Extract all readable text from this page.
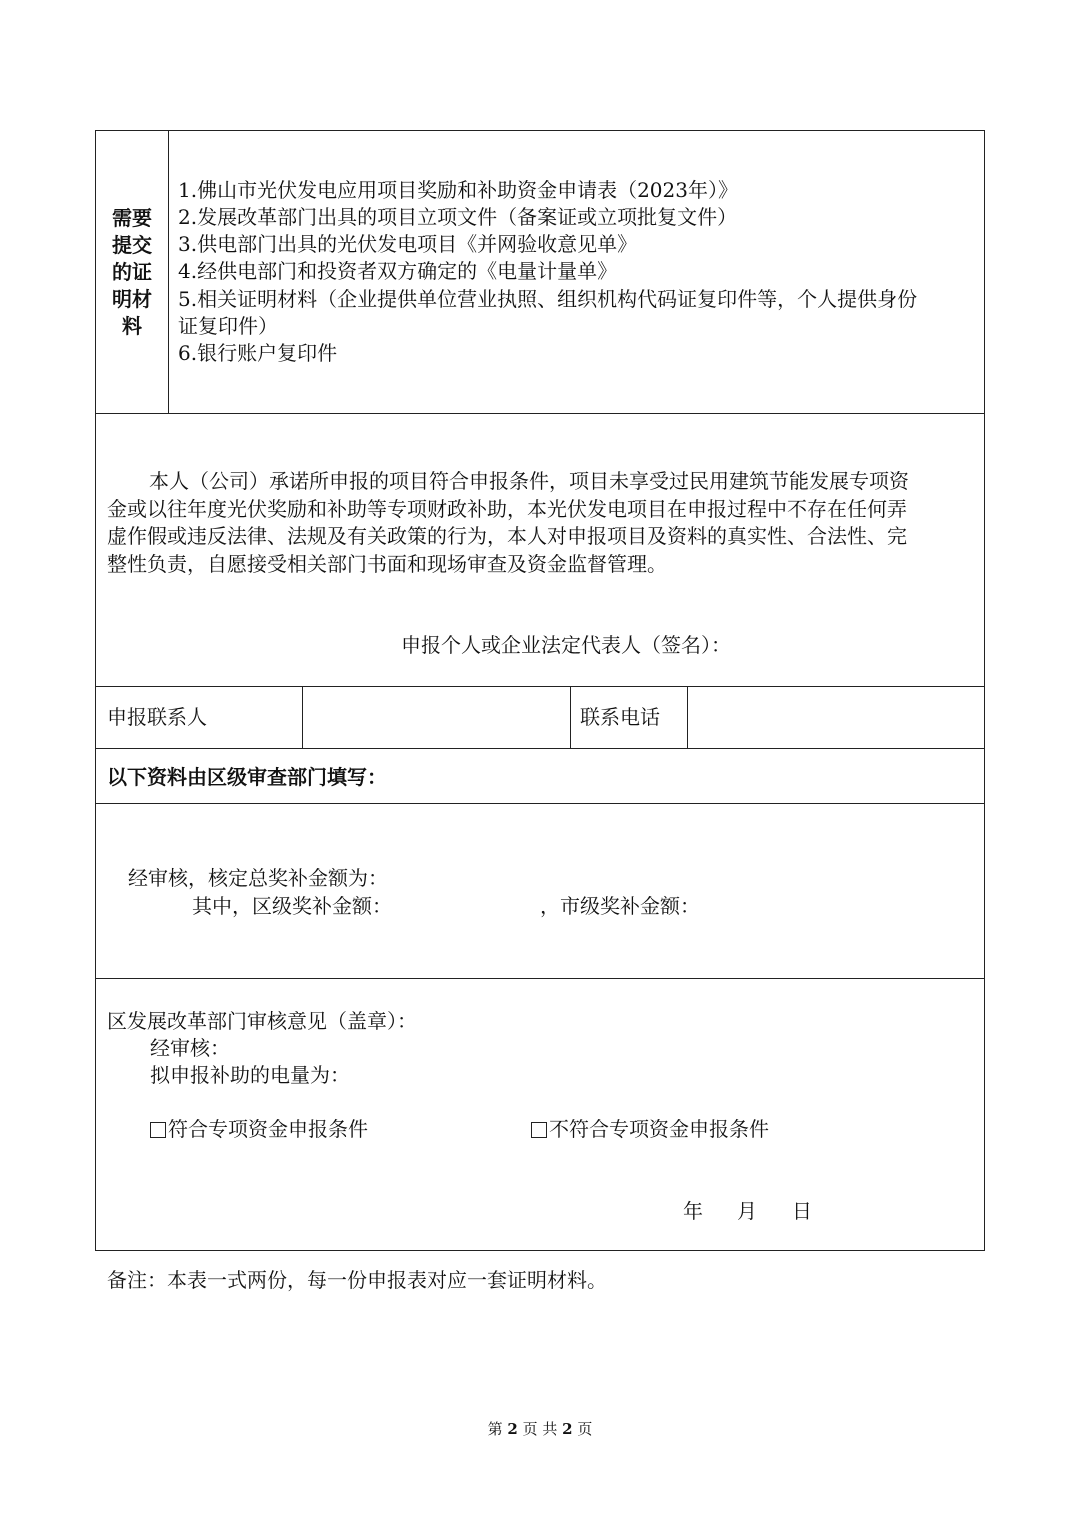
需要
提交
的证
明材
料
1.佛山市光伏发电应用项目奖励和补助资金申请表（2023年）》
2.发展改革部门出具的项目立项文件（备案证或立项批复文件）
3.供电部门出具的光伏发电项目《并网验收意见单》
4.经供电部门和投资者双方确定的《电量计量单》
5.相关证明材料（企业提供单位营业执照、组织机构代码证复印件等，个人提供身份
证复印件）
6.银行账户复印件
本人（公司）承诺所申报的项目符合申报条件，项目未享受过民用建筑节能发展专项资
金或以往年度光伏奖励和补助等专项财政补助，本光伏发电项目在申报过程中不存在任何弄
虚作假或违反法律、法规及有关政策的行为，本人对申报项目及资料的真实性、合法性、完
整性负责，自愿接受相关部门书面和现场审查及资金监督管理。
申报个人或企业法定代表人（签名）：
申报联系人	联系电话
以下资料由区级审查部门填写：
经审核，核定总奖补金额为：
其中，区级奖补金额：	，市级奖补金额：
区发展改革部门审核意见（盖章）：
经审核：
拟申报补助的电量为：
符合专项资金申报条件	不符合专项资金申报条件
年 月 日
备注：本表一式两份，每一份申报表对应一套证明材料。
第 2 页 共 2 页
